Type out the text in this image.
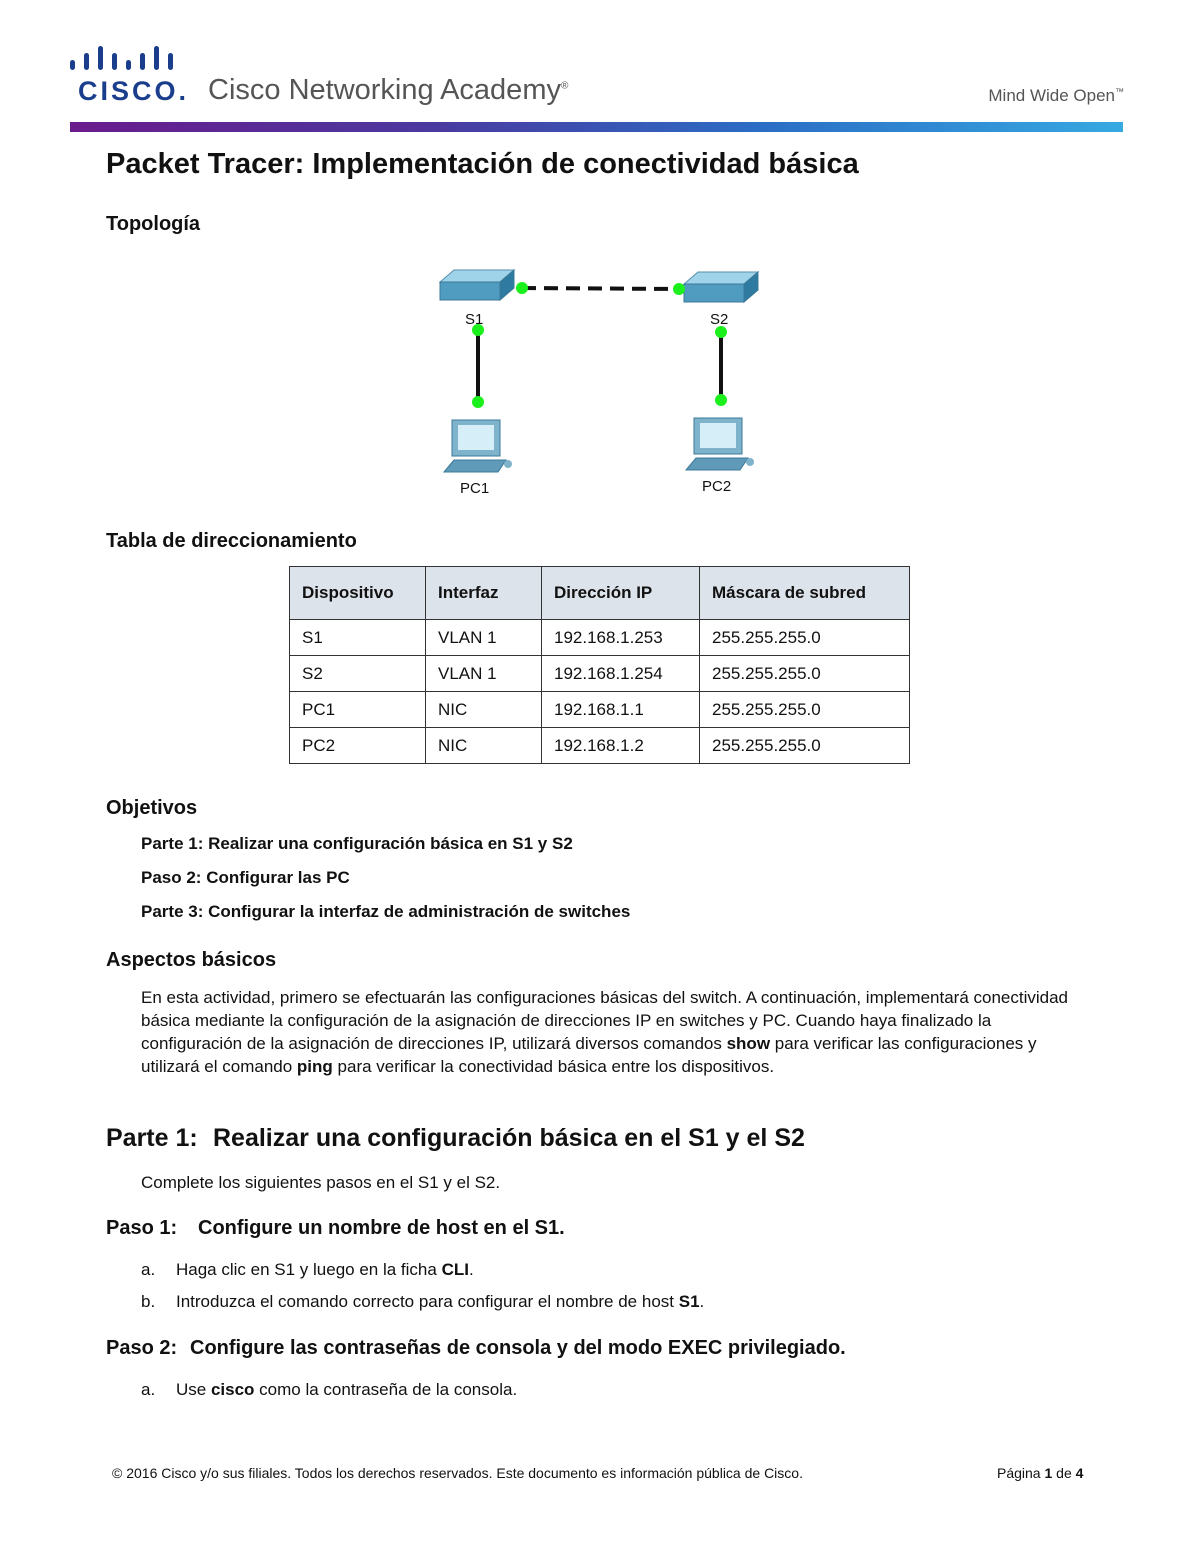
CISCO. Cisco Networking Academy®
Mind Wide Open™
Packet Tracer: Implementación de conectividad básica
Topología
S1	S2
PC1	PC2
Tabla de direccionamiento
Dispositivo	Interfaz	Dirección IP	Máscara de subred
S1	VLAN 1	192.168.1.253	255.255.255.0
S2	VLAN 1	192.168.1.254	255.255.255.0
PC1	NIC	192.168.1.1	255.255.255.0
PC2	NIC	192.168.1.2	255.255.255.0
Objetivos
Parte 1: Realizar una configuración básica en S1 y S2
Paso 2: Configurar las PC
Parte 3: Configurar la interfaz de administración de switches
Aspectos básicos
En esta actividad, primero se efectuarán las configuraciones básicas del switch. A continuación, implementará conectividad básica mediante la configuración de la asignación de direcciones IP en switches y PC. Cuando haya finalizado la configuración de la asignación de direcciones IP, utilizará diversos comandos show para verificar las configuraciones y utilizará el comando ping para verificar la conectividad básica entre los dispositivos.
Parte 1: Realizar una configuración básica en el S1 y el S2
Complete los siguientes pasos en el S1 y el S2.
Paso 1: Configure un nombre de host en el S1.
a. Haga clic en S1 y luego en la ficha CLI.
b. Introduzca el comando correcto para configurar el nombre de host S1.
Paso 2: Configure las contraseñas de consola y del modo EXEC privilegiado.
a. Use cisco como la contraseña de la consola.
© 2016 Cisco y/o sus filiales. Todos los derechos reservados. Este documento es información pública de Cisco.	Página 1 de 4
